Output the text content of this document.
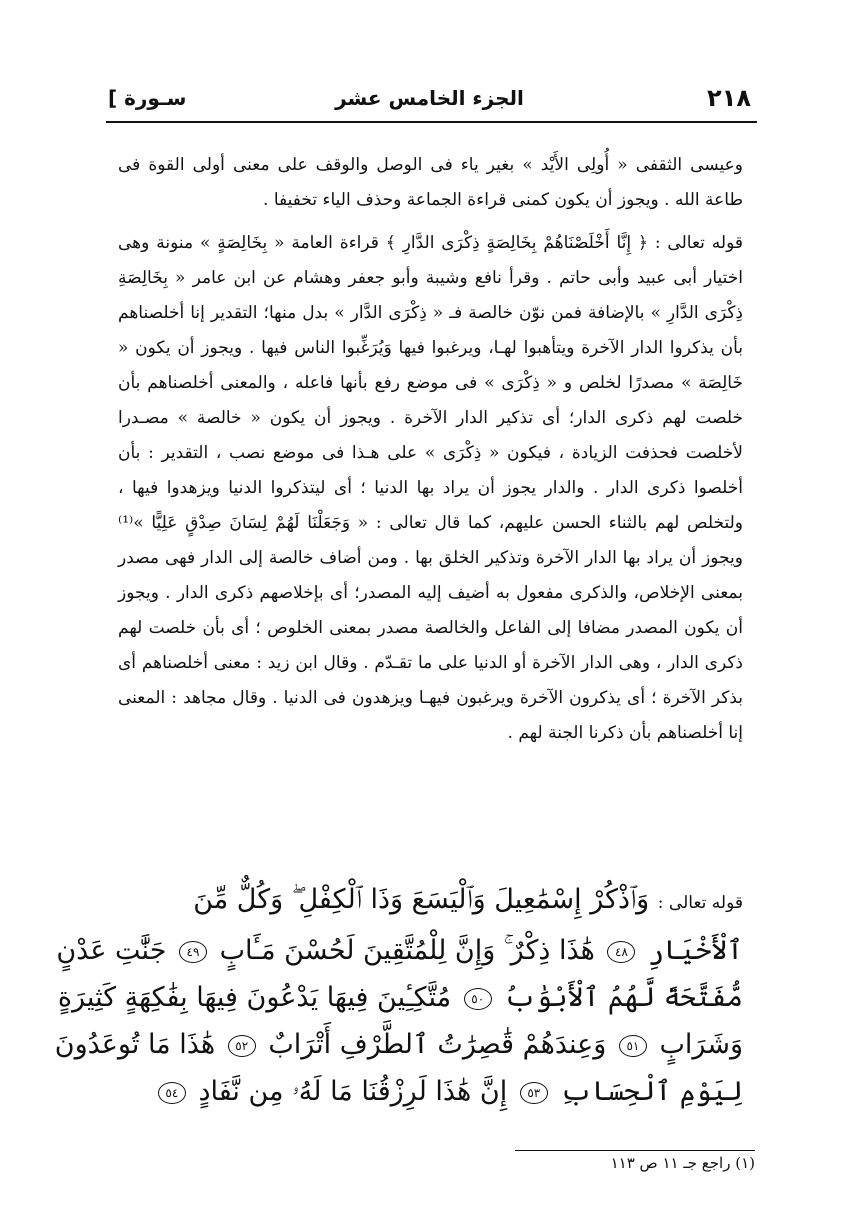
٢١٨
الجزء الخامس عشر
[ سـورة

وعيسى الثقفى « أُولِى الأَيْد » بغير ياء فى الوصل والوقف على معنى أولى القوة فى طاعة الله . ويجوز أن يكون كمنى قراءة الجماعة وحذف الياء تخفيفا .

قوله تعالى : ﴿ إِنَّا أَخْلَصْنَاهُمْ بِخَالِصَةٍ ذِكْرَى الدَّارِ ﴾ قراءة العامة « بِخَالِصَةٍ » منونة وهى اختيار أبى عبيد وأبى حاتم . وقرأ نافع وشيبة وأبو جعفر وهشام عن ابن عامر « بِخَالِصَةِ ذِكْرَى الدَّارِ » بالإضافة فمن نوّن خالصة فـ « ذِكْرَى الدَّار » بدل منها؛ التقدير إنا أخلصناهم بأن يذكروا الدار الآخرة ويتأهبوا لهـا، ويرغبوا فيها وَيُرَغِّبوا الناس فيها . ويجوز أن يكون « خَالِصَة » مصدرًا لخلص و « ذِكْرَى » فى موضع رفع بأنها فاعله ، والمعنى أخلصناهم بأن خلصت لهم ذكرى الدار؛ أى تذكير الدار الآخرة . ويجوز أن يكون « خالصة » مصـدرا لأخلصت فحذفت الزيادة ، فيكون « ذِكْرَى » على هـذا فى موضع نصب ، التقدير : بأن أخلصوا ذكرى الدار . والدار يجوز أن يراد بها الدنيا ؛ أى ليتذكروا الدنيا ويزهدوا فيها ، ولتخلص لهم بالثناء الحسن عليهم، كما قال تعالى : « وَجَعَلْنَا لَهُمْ لِسَانَ صِدْقٍ عَلِيًّا »⁽¹⁾ ويجوز أن يراد بها الدار الآخرة وتذكير الخلق بها . ومن أضاف خالصة إلى الدار فهى مصدر بمعنى الإخلاص، والذكرى مفعول به أضيف إليه المصدر؛ أى بإخلاصهم ذكرى الدار . ويجوز أن يكون المصدر مضافا إلى الفاعل والخالصة مصدر بمعنى الخلوص ؛ أى بأن خلصت لهم ذكرى الدار ، وهى الدار الآخرة أو الدنيا على ما تقـدّم . وقال ابن زيد : معنى أخلصناهم أى بذكر الآخرة ؛ أى يذكرون الآخرة ويرغبون فيهـا ويزهدون فى الدنيا . وقال مجاهد : المعنى إنا أخلصناهم بأن ذكرنا الجنة لهم .

قوله تعالى : وَٱذْكُرْ إِسْمَٰعِيلَ وَٱلْيَسَعَ وَذَا ٱلْكِفْلِ ۖ وَكُلٌّ مِّنَ
ٱلْأَخْيَارِ ٤٨ هَٰذَا ذِكْرٌ ۚ وَإِنَّ لِلْمُتَّقِينَ لَحُسْنَ مَـَٔابٍ ٤٩ جَنَّٰتِ عَدْنٍ
مُّفَتَّحَةً لَّهُمُ ٱلْأَبْوَٰبُ ٥٠ مُتَّكِـِٔينَ فِيهَا يَدْعُونَ فِيهَا بِفَٰكِهَةٍ كَثِيرَةٍ
وَشَرَابٍ ٥١ وَعِندَهُمْ قَٰصِرَٰتُ ٱلطَّرْفِ أَتْرَابٌ ٥٢ هَٰذَا مَا تُوعَدُونَ
لِيَوْمِ ٱلْحِسَابِ ٥٣ إِنَّ هَٰذَا لَرِزْقُنَا مَا لَهُۥ مِن نَّفَادٍ ٥٤
(١) راجع جـ ١١ ص ١١٣
